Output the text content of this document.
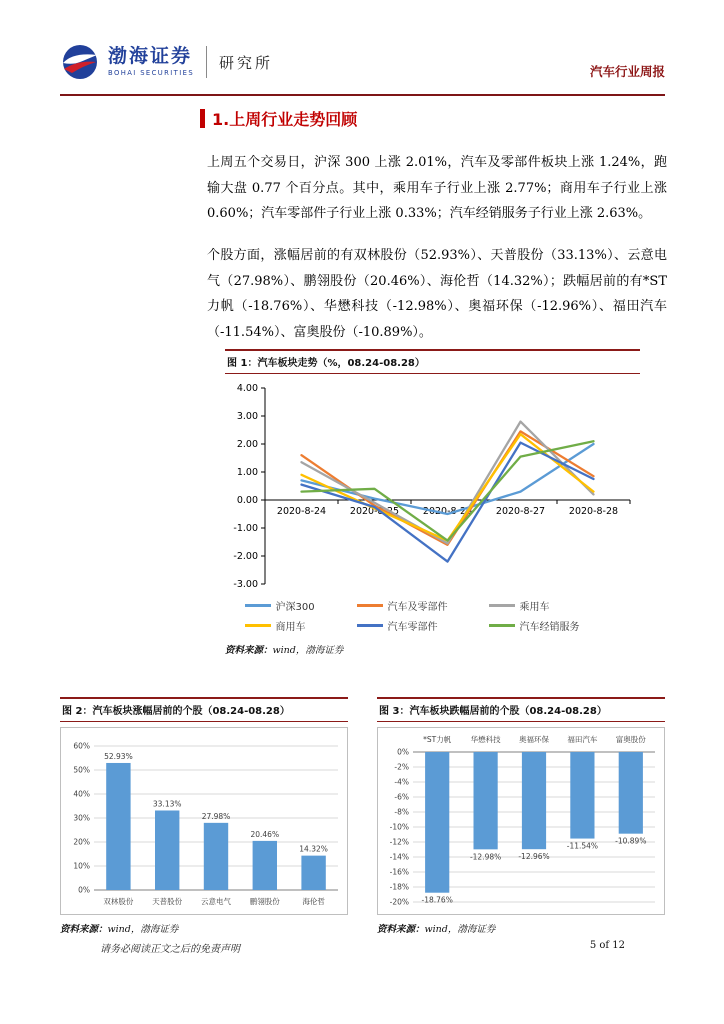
渤海证券
BOHAI SECURITIES
研究所	汽车行业周报
1.上周行业走势回顾

上周五个交易日，沪深 300 上涨 2.01%，汽车及零部件板块上涨 1.24%，跑输大盘 0.77 个百分点。其中，乘用车子行业上涨 2.77%；商用车子行业上涨 0.60%；汽车零部件子行业上涨 0.33%；汽车经销服务子行业上涨 2.63%。

个股方面，涨幅居前的有双林股份（52.93%）、天普股份（33.13%）、云意电气（27.98%）、鹏翎股份（20.46%）、海伦哲（14.32%）；跌幅居前的有*ST 力帆（-18.76%）、华懋科技（-12.98%）、奥福环保（-12.96%）、福田汽车（-11.54%）、富奥股份（-10.89%）。

图 1：汽车板块走势（%，08.24-08.28）
-3.00
-2.00
-1.00
0.00
1.00
2.00
3.00
4.00
2020-8-24	2020-8-25	2020-8-26	2020-8-27	2020-8-28
沪深300	汽车及零部件	乘用车
商用车	汽车零部件	汽车经销服务
资料来源：wind，渤海证券
图 2：汽车板块涨幅居前的个股（08.24-08.28）
0%
10%
20%
30%
40%
50%
60%
双林股份	天普股份	云意电气	鹏翎股份	海伦哲
52.93%
33.13%
27.98%
20.46%
14.32%
资料来源：wind，渤海证券
图 3：汽车板块跌幅居前的个股（08.24-08.28）
-20%
-18%
-16%
-14%
-12%
-10%
-8%
-6%
-4%
-2%
0%
*ST力帆	华懋科技 奥福环保 福田汽车 富奥股份
-18.76%
-12.98% -12.96%
-11.54%
-10.89%
资料来源：wind，渤海证券
请务必阅读正文之后的免责声明	5 of 12
